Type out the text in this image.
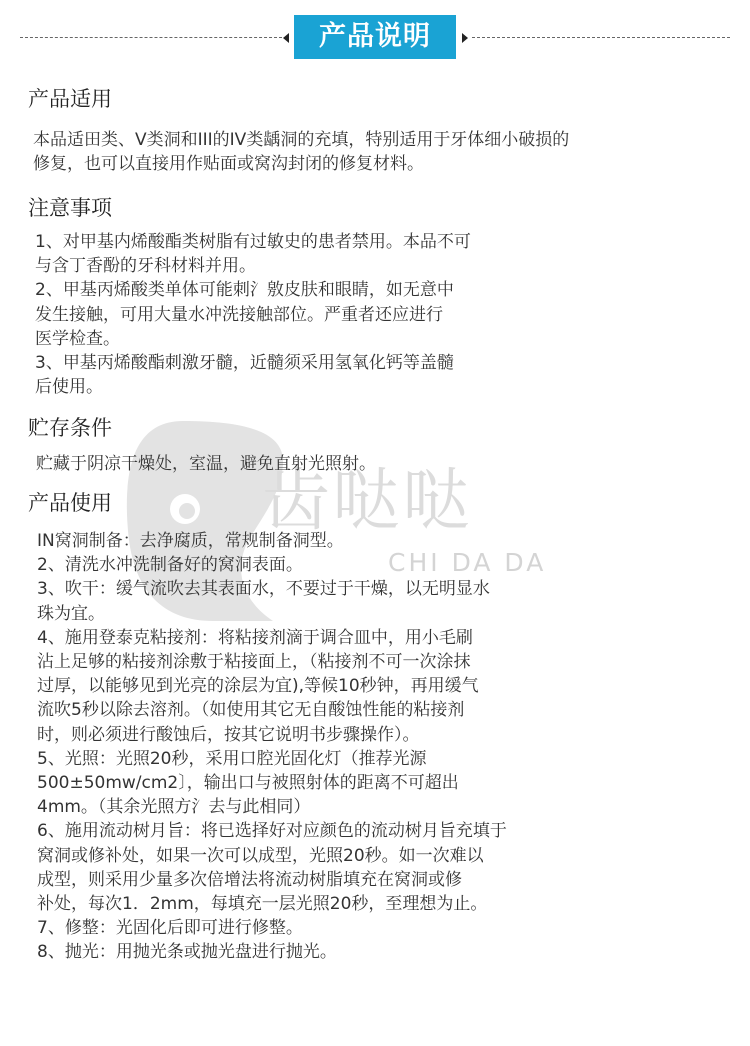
产品说明
齿哒哒
CHI DA DA
产品适用

本品适田类、V类洞和III的IV类龋洞的充填，特别适用于牙体细小破损的

修复，也可以直接用作贴面或窝沟封闭的修复材料。

注意事项

1、对甲基内烯酸酯类树脂有过敏史的患者禁用。本品不可

与含丁香酚的牙科材料并用。

2、甲基丙烯酸类单体可能刺氵敫皮肤和眼睛，如无意中

发生接触，可用大量水冲洗接触部位。严重者还应进行

医学检查。

3、甲基丙烯酸酯刺激牙髓，近髓须采用氢氧化钙等盖髓

后使用。

贮存条件

贮藏于阴凉干燥处，室温，避免直射光照射。

产品使用

IN窝洞制备：去净腐质，常规制备洞型。

2、清洗水冲洗制备好的窝洞表面。

3、吹干：缓气流吹去其表面水，不要过于干燥，以无明显水

珠为宜。

4、施用登泰克粘接剂：将粘接剂滴于调合皿中，用小毛刷

沾上足够的粘接剂涂敷于粘接面上，（粘接剂不可一次涂抹

过厚，以能够见到光亮的涂层为宜),等候10秒钟，再用缓气

流吹5秒以除去溶剂。（如使用其它无自酸蚀性能的粘接剂

时，则必须进行酸蚀后，按其它说明书步骤操作）。

5、光照：光照20秒，采用口腔光固化灯（推荐光源

500±50mw/cm2〕，输出口与被照射体的距离不可超出

4mm。（其余光照方氵去与此相同）

6、施用流动树月旨：将已选择好对应颜色的流动树月旨充填于

窝洞或修补处，如果一次可以成型，光照20秒。如一次难以

成型，则采用少量多次倍增法将流动树脂填充在窝洞或修

补处，每次1．2mm，每填充一层光照20秒，至理想为止。

7、修整：光固化后即可进行修整。

8、抛光：用抛光条或抛光盘进行抛光。
